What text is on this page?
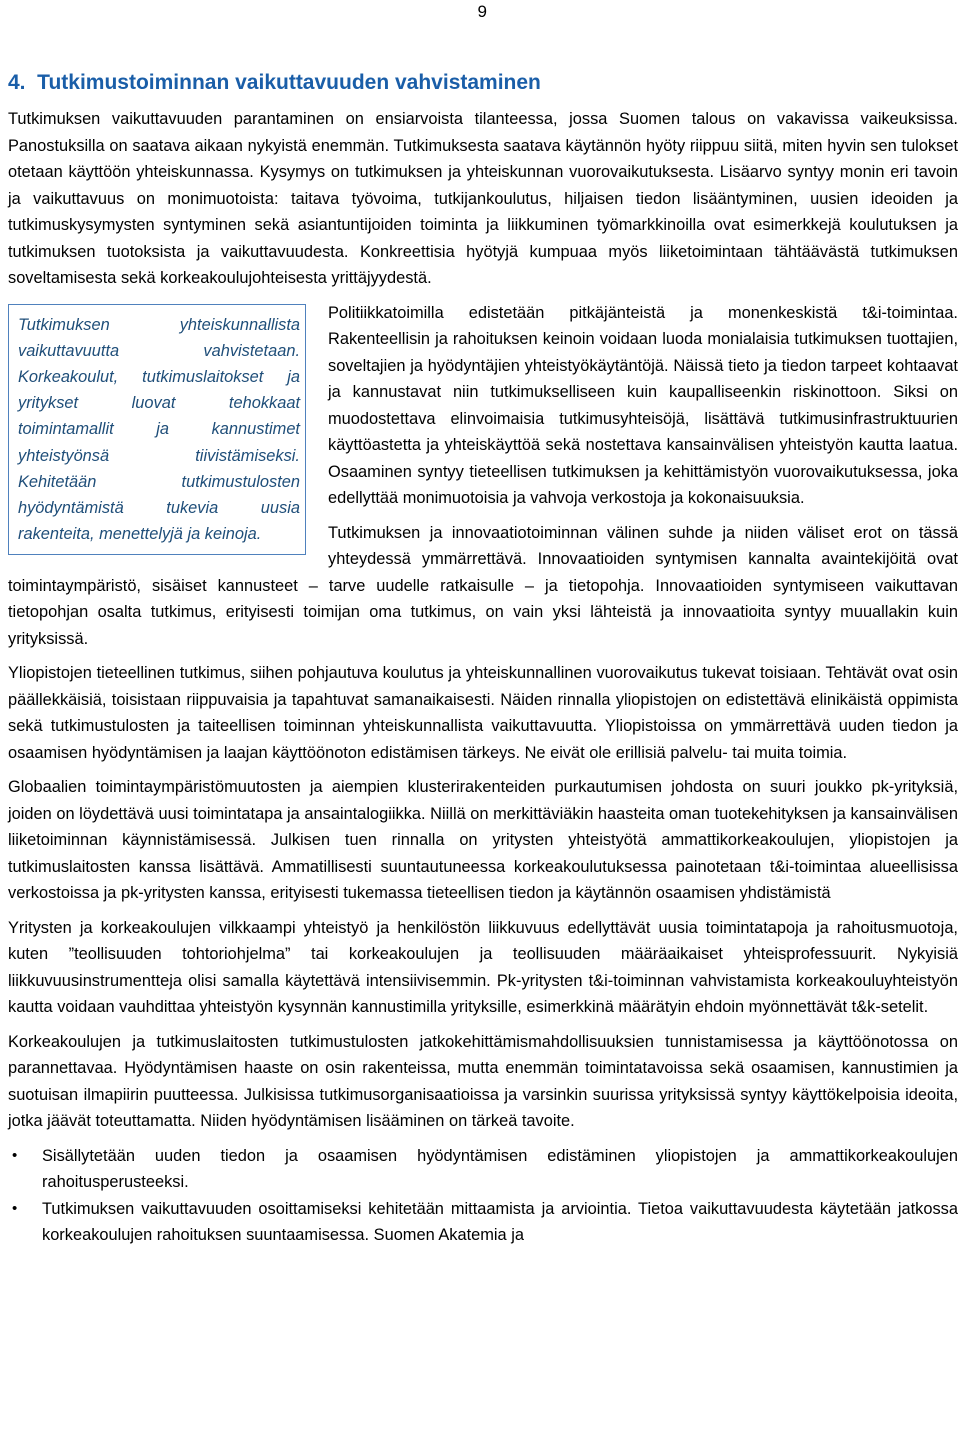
9
4.  Tutkimustoiminnan vaikuttavuuden vahvistaminen

Tutkimuksen vaikuttavuuden parantaminen on ensiarvoista tilanteessa, jossa Suomen talous on vakavissa vaikeuksissa. Panostuksilla on saatava aikaan nykyistä enemmän. Tutkimuksesta saatava käytännön hyöty riippuu siitä, miten hyvin sen tulokset otetaan käyttöön yhteiskunnassa. Kysymys on tutkimuksen ja yhteiskunnan vuorovaikutuksesta. Lisäarvo syntyy monin eri tavoin ja vaikuttavuus on monimuotoista: taitava työvoima, tutkijankoulutus, hiljaisen tiedon lisääntyminen, uusien ideoiden ja tutkimuskysymysten syntyminen sekä asiantuntijoiden toiminta ja liikkuminen työmarkkinoilla ovat esimerkkejä koulutuksen ja tutkimuksen tuotoksista ja vaikuttavuudesta. Konkreettisia hyötyjä kumpuaa myös liiketoimintaan tähtäävästä tutkimuksen soveltamisesta sekä korkeakoulujohteisesta yrittäjyydestä.

Tutkimuksen yhteiskunnallista vaikuttavuutta vahvistetaan. Korkeakoulut, tutkimuslaitokset ja yritykset luovat tehokkaat toimintamallit ja kannustimet yhteistyönsä tiivistämiseksi. Kehitetään tutkimustulosten hyödyntämistä tukevia uusia rakenteita, menettelyjä ja keinoja.

Politiikkatoimilla edistetään pitkäjänteistä ja monenkeskistä t&i-toimintaa. Rakenteellisin ja rahoituksen keinoin voidaan luoda monialaisia tutkimuksen tuottajien, soveltajien ja hyödyntäjien yhteistyökäytäntöjä. Näissä tieto ja tiedon tarpeet kohtaavat ja kannustavat niin tutkimukselliseen kuin kaupalliseenkin riskinottoon. Siksi on muodostettava elinvoimaisia tutkimusyhteisöjä, lisättävä tutkimusinfrastruktuurien käyttöastetta ja yhteiskäyttöä sekä nostettava kansainvälisen yhteistyön kautta laatua. Osaaminen syntyy tieteellisen tutkimuksen ja kehittämistyön vuorovaikutuksessa, joka edellyttää monimuotoisia ja vahvoja verkostoja ja kokonaisuuksia.

Tutkimuksen ja innovaatiotoiminnan välinen suhde ja niiden väliset erot on tässä yhteydessä ymmärrettävä. Innovaatioiden syntymisen kannalta avaintekijöitä ovat toimintaympäristö, sisäiset kannusteet – tarve uudelle ratkaisulle – ja tietopohja. Innovaatioiden syntymiseen vaikuttavan tietopohjan osalta tutkimus, erityisesti toimijan oma tutkimus, on vain yksi lähteistä ja innovaatioita syntyy muuallakin kuin yrityksissä.

Yliopistojen tieteellinen tutkimus, siihen pohjautuva koulutus ja yhteiskunnallinen vuorovaikutus tukevat toisiaan. Tehtävät ovat osin päällekkäisiä, toisistaan riippuvaisia ja tapahtuvat samanaikaisesti. Näiden rinnalla yliopistojen on edistettävä elinikäistä oppimista sekä tutkimustulosten ja taiteellisen toiminnan yhteiskunnallista vaikuttavuutta. Yliopistoissa on ymmärrettävä uuden tiedon ja osaamisen hyödyntämisen ja laajan käyttöönoton edistämisen tärkeys. Ne eivät ole erillisiä palvelu- tai muita toimia.

Globaalien toimintaympäristömuutosten ja aiempien klusterirakenteiden purkautumisen johdosta on suuri joukko pk-yrityksiä, joiden on löydettävä uusi toimintatapa ja ansaintalogiikka. Niillä on merkittäviäkin haasteita oman tuotekehityksen ja kansainvälisen liiketoiminnan käynnistämisessä. Julkisen tuen rinnalla on yritysten yhteistyötä ammattikorkeakoulujen, yliopistojen ja tutkimuslaitosten kanssa lisättävä. Ammatillisesti suuntautuneessa korkeakoulutuksessa painotetaan t&i-toimintaa alueellisissa verkostoissa ja pk-yritysten kanssa, erityisesti tukemassa tieteellisen tiedon ja käytännön osaamisen yhdistämistä

Yritysten ja korkeakoulujen vilkkaampi yhteistyö ja henkilöstön liikkuvuus edellyttävät uusia toimintatapoja ja rahoitusmuotoja, kuten ”teollisuuden tohtoriohjelma” tai korkeakoulujen ja teollisuuden määräaikaiset yhteisprofessuurit. Nykyisiä liikkuvuusinstrumentteja olisi samalla käytettävä intensiivisemmin. Pk-yritysten t&i-toiminnan vahvistamista korkeakouluyhteistyön kautta voidaan vauhdittaa yhteistyön kysynnän kannustimilla yrityksille, esimerkkinä määrätyin ehdoin myönnettävät t&k-setelit.

Korkeakoulujen ja tutkimuslaitosten tutkimustulosten jatkokehittämismahdollisuuksien tunnistamisessa ja käyttöönotossa on parannettavaa. Hyödyntämisen haaste on osin rakenteissa, mutta enemmän toimintatavoissa sekä osaamisen, kannustimien ja suotuisan ilmapiirin puutteessa. Julkisissa tutkimusorganisaatioissa ja varsinkin suurissa yrityksissä syntyy käyttökelpoisia ideoita, jotka jäävät toteuttamatta. Niiden hyödyntämisen lisääminen on tärkeä tavoite.

• Sisällytetään uuden tiedon ja osaamisen hyödyntämisen edistäminen yliopistojen ja ammattikorkeakoulujen rahoitusperusteeksi.
• Tutkimuksen vaikuttavuuden osoittamiseksi kehitetään mittaamista ja arviointia. Tietoa vaikuttavuudesta käytetään jatkossa korkeakoulujen rahoituksen suuntaamisessa. Suomen Akatemia ja
